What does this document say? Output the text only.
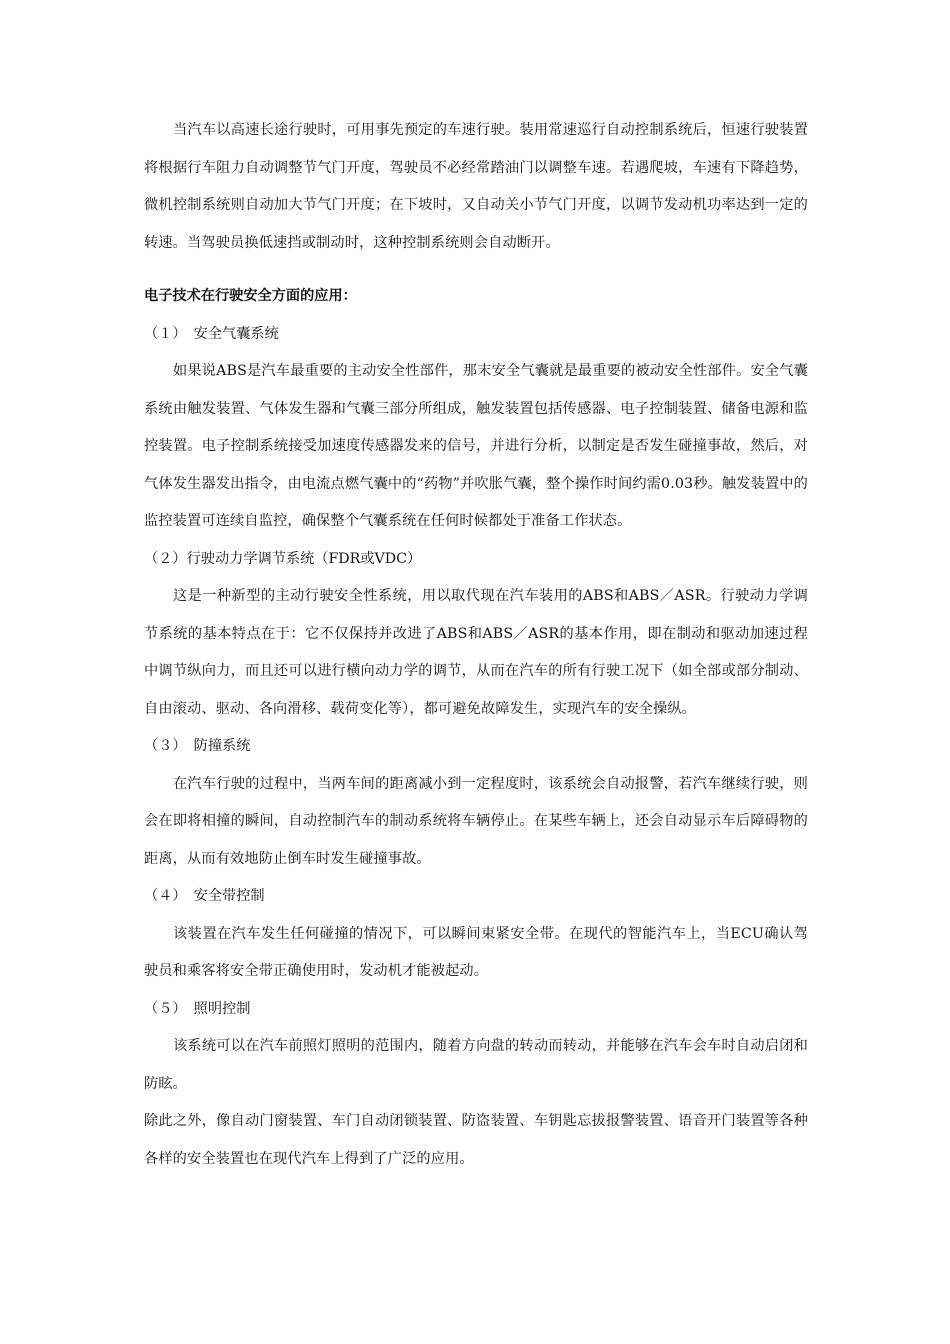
当汽车以高速长途行驶时，可用事先预定的车速行驶。装用常速巡行自动控制系统后，恒速行驶装置将根据行车阻力自动调整节气门开度，驾驶员不必经常踏油门以调整车速。若遇爬坡，车速有下降趋势，微机控制系统则自动加大节气门开度；在下坡时，又自动关小节气门开度，以调节发动机功率达到一定的转速。当驾驶员换低速挡或制动时，这种控制系统则会自动断开。

电子技术在行驶安全方面的应用：

（１）　安全气囊系统

如果说ABS是汽车最重要的主动安全性部件，那末安全气囊就是最重要的被动安全性部件。安全气囊系统由触发装置、气体发生器和气囊三部分所组成，触发装置包括传感器、电子控制装置、储备电源和监控装置。电子控制系统接受加速度传感器发来的信号，并进行分析，以制定是否发生碰撞事故，然后，对气体发生器发出指令，由电流点燃气囊中的“药物”并吹胀气囊，整个操作时间约需0.03秒。触发装置中的监控装置可连续自监控，确保整个气囊系统在任何时候都处于准备工作状态。

（２）行驶动力学调节系统（FDR或VDC）

这是一种新型的主动行驶安全性系统，用以取代现在汽车装用的ABS和ABS／ASR。行驶动力学调节系统的基本特点在于：它不仅保持并改进了ABS和ABS／ASR的基本作用，即在制动和驱动加速过程中调节纵向力，而且还可以进行横向动力学的调节，从而在汽车的所有行驶工况下（如全部或部分制动、自由滚动、驱动、各向滑移、载荷变化等），都可避免故障发生，实现汽车的安全操纵。

（３）　防撞系统

在汽车行驶的过程中，当两车间的距离减小到一定程度时，该系统会自动报警，若汽车继续行驶，则会在即将相撞的瞬间，自动控制汽车的制动系统将车辆停止。在某些车辆上，还会自动显示车后障碍物的距离，从而有效地防止倒车时发生碰撞事故。

（４）　安全带控制

该装置在汽车发生任何碰撞的情况下，可以瞬间束紧安全带。在现代的智能汽车上，当ECU确认驾驶员和乘客将安全带正确使用时，发动机才能被起动。

（５）　照明控制

该系统可以在汽车前照灯照明的范围内，随着方向盘的转动而转动，并能够在汽车会车时自动启闭和防眩。

除此之外，像自动门窗装置、车门自动闭锁装置、防盗装置、车钥匙忘拔报警装置、语音开门装置等各种各样的安全装置也在现代汽车上得到了广泛的应用。
